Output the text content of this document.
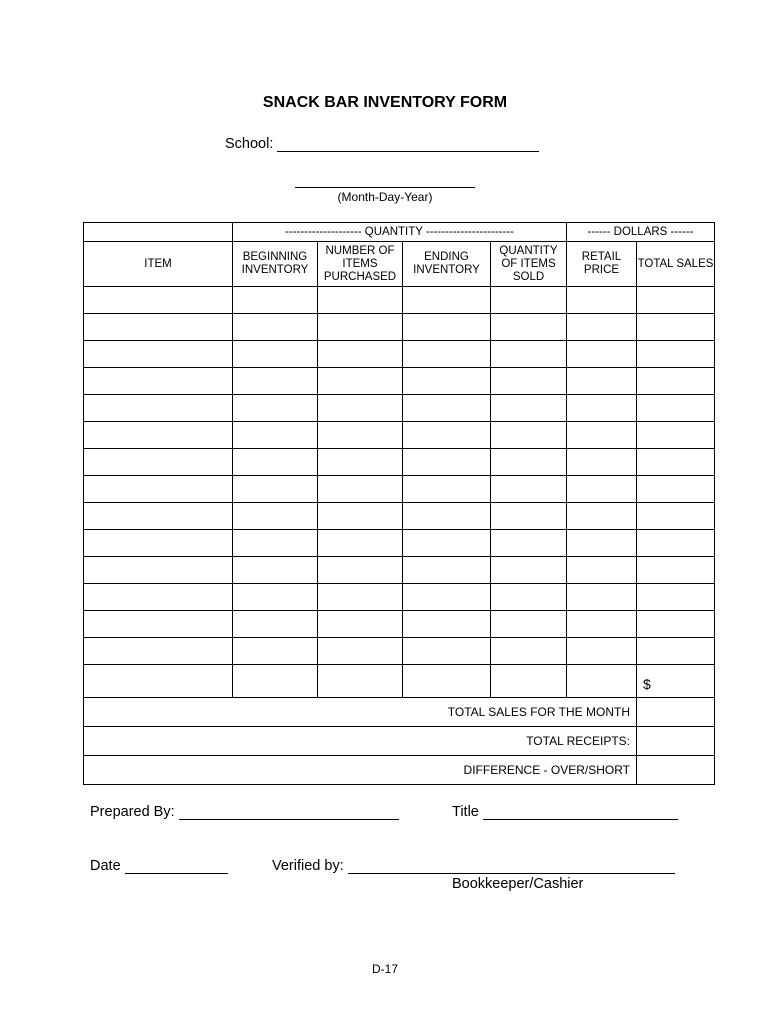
SNACK BAR INVENTORY FORM
School:
(Month-Day-Year)
	-------------------- QUANTITY -----------------------				------ DOLLARS ------	
ITEM	BEGINNING INVENTORY	NUMBER OF ITEMS PURCHASED	ENDING INVENTORY	QUANTITY OF ITEMS SOLD	RETAIL PRICE	TOTAL SALES

						$
TOTAL SALES FOR THE MONTH						
TOTAL RECEIPTS:						
DIFFERENCE - OVER/SHORT						
Prepared By:	Title
Date	Verified by:
Bookkeeper/Cashier
D-17
